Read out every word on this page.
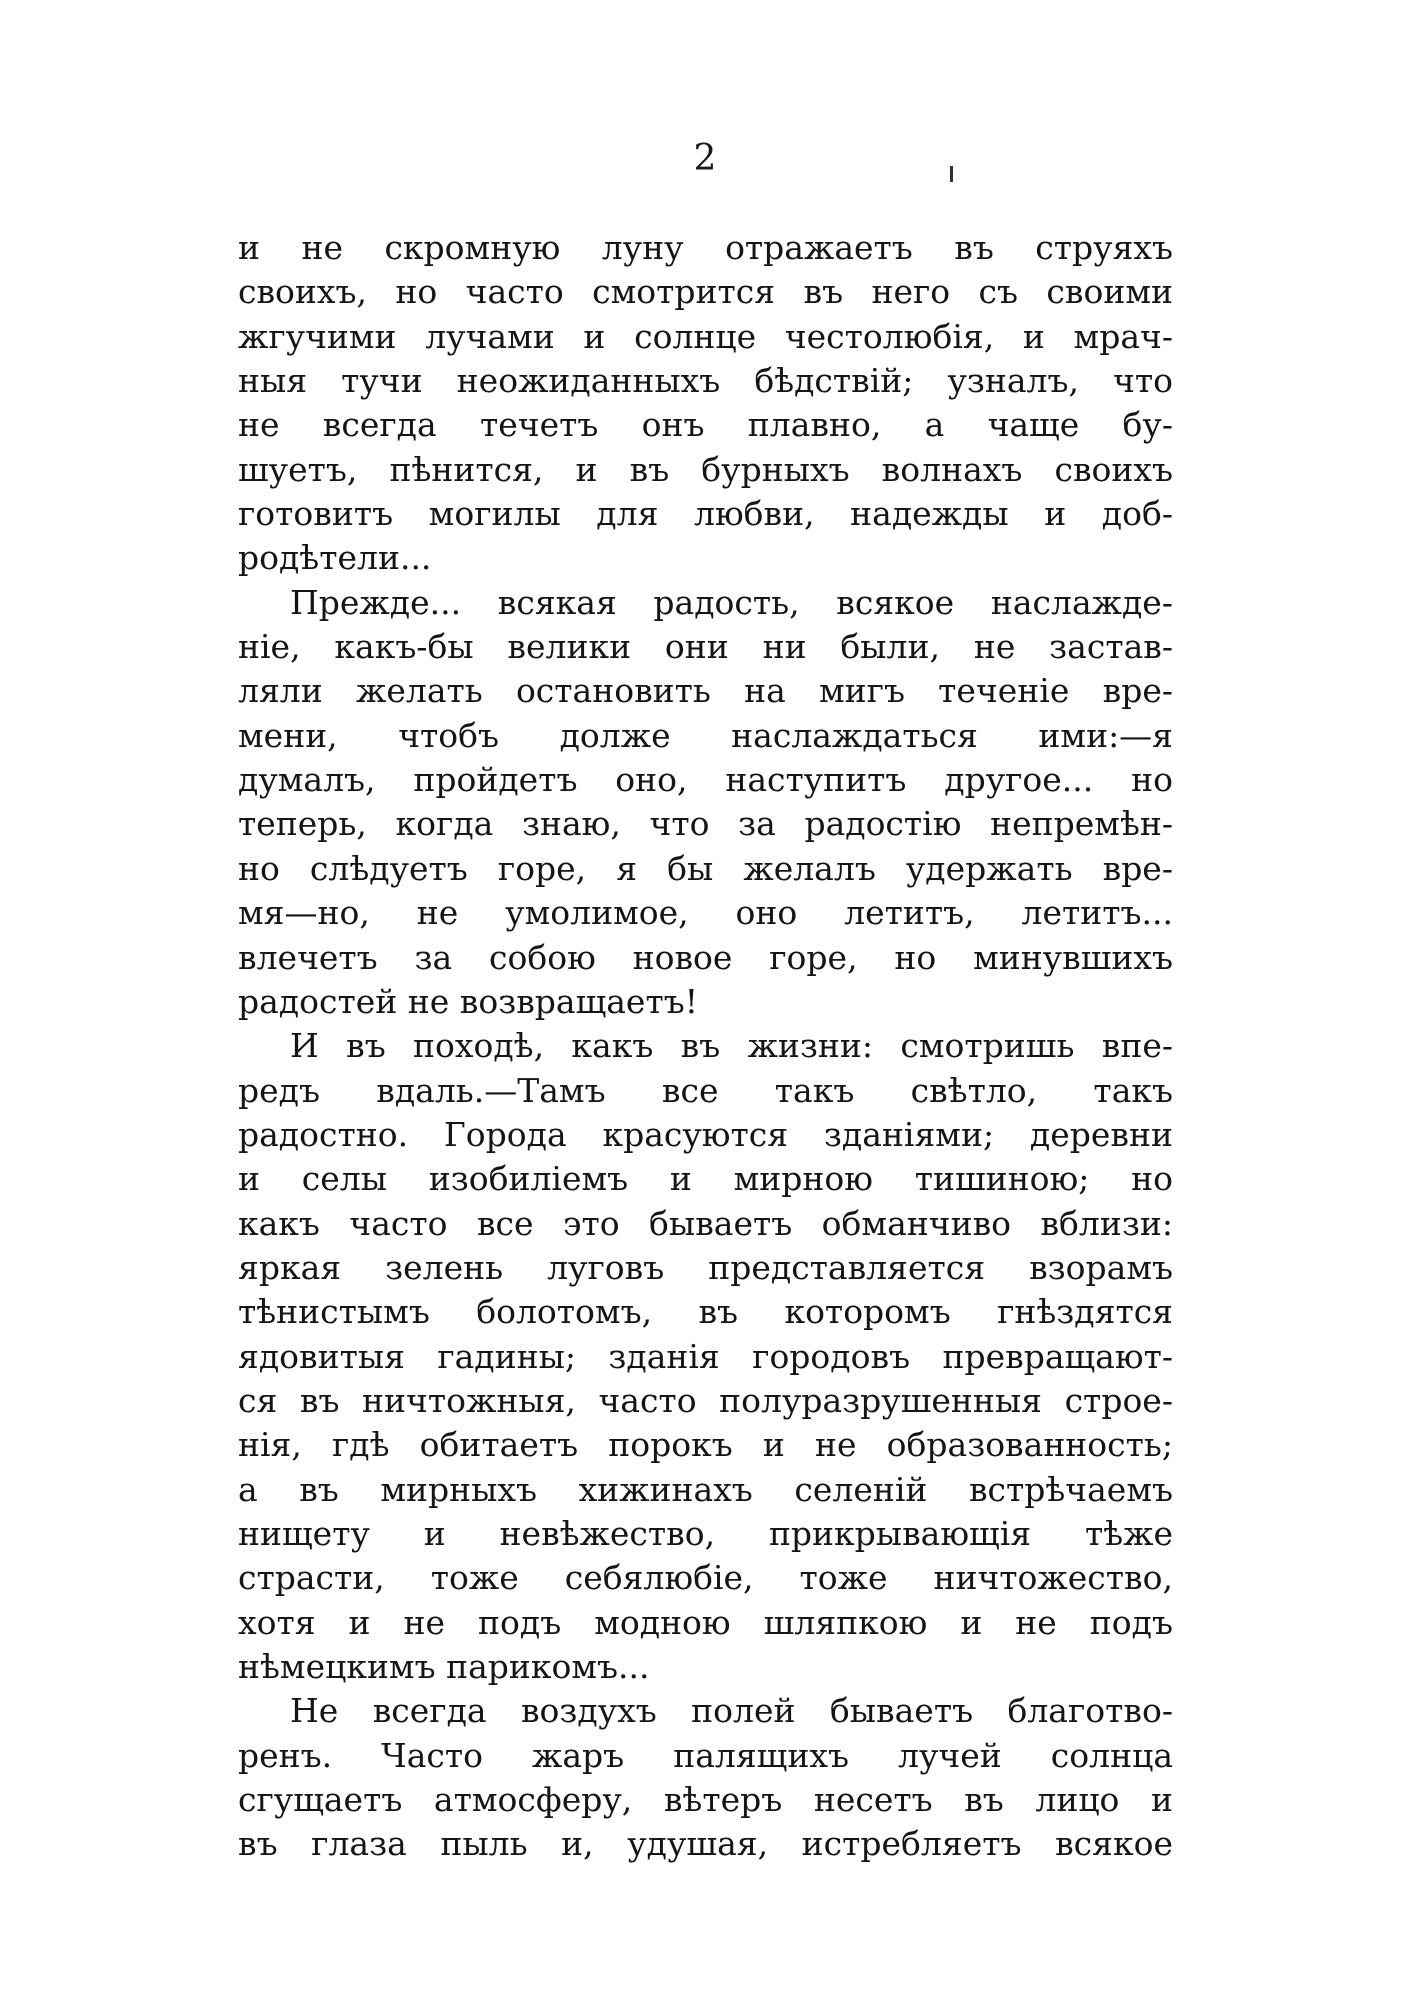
2
и не скромную луну отражаетъ въ струяхъ
своихъ, но часто смотрится въ него съ своими
жгучими лучами и солнце честолюбія, и мрач-
ныя тучи неожиданныхъ бѣдствій; узналъ, что
не всегда течетъ онъ плавно, а чаще бу-
шуетъ, пѣнится, и въ бурныхъ волнахъ своихъ
готовитъ могилы для любви, надежды и доб-
родѣтели...
Прежде... всякая радость, всякое наслажде-
ніе, какъ-бы велики они ни были, не застав-
ляли желать остановить на мигъ теченіе вре-
мени, чтобъ долже наслаждаться ими:—я
думалъ, пройдетъ оно, наступитъ другое... но
теперь, когда знаю, что за радостію непремѣн-
но слѣдуетъ горе, я бы желалъ удержать вре-
мя—но, не умолимое, оно летитъ, летитъ...
влечетъ за собою новое горе, но минувшихъ
радостей не возвращаетъ!
И въ походѣ, какъ въ жизни: смотришь впе-
редъ вдаль.—Тамъ все такъ свѣтло, такъ
радостно. Города красуются зданіями; деревни
и селы изобиліемъ и мирною тишиною; но
какъ часто все это бываетъ обманчиво вблизи:
яркая зелень луговъ представляется взорамъ
тѣнистымъ болотомъ, въ которомъ гнѣздятся
ядовитыя гадины; зданія городовъ превращают-
ся въ ничтожныя, часто полуразрушенныя строе-
нія, гдѣ обитаетъ порокъ и не образованность;
а въ мирныхъ хижинахъ селеній встрѣчаемъ
нищету и невѣжество, прикрывающія тѣже
страсти, тоже себялюбіе, тоже ничтожество,
хотя и не подъ модною шляпкою и не подъ
нѣмецкимъ парикомъ...
Не всегда воздухъ полей бываетъ благотво-
ренъ. Часто жаръ палящихъ лучей солнца
сгущаетъ атмосферу, вѣтеръ несетъ въ лицо и
въ глаза пыль и, удушая, истребляетъ всякое
